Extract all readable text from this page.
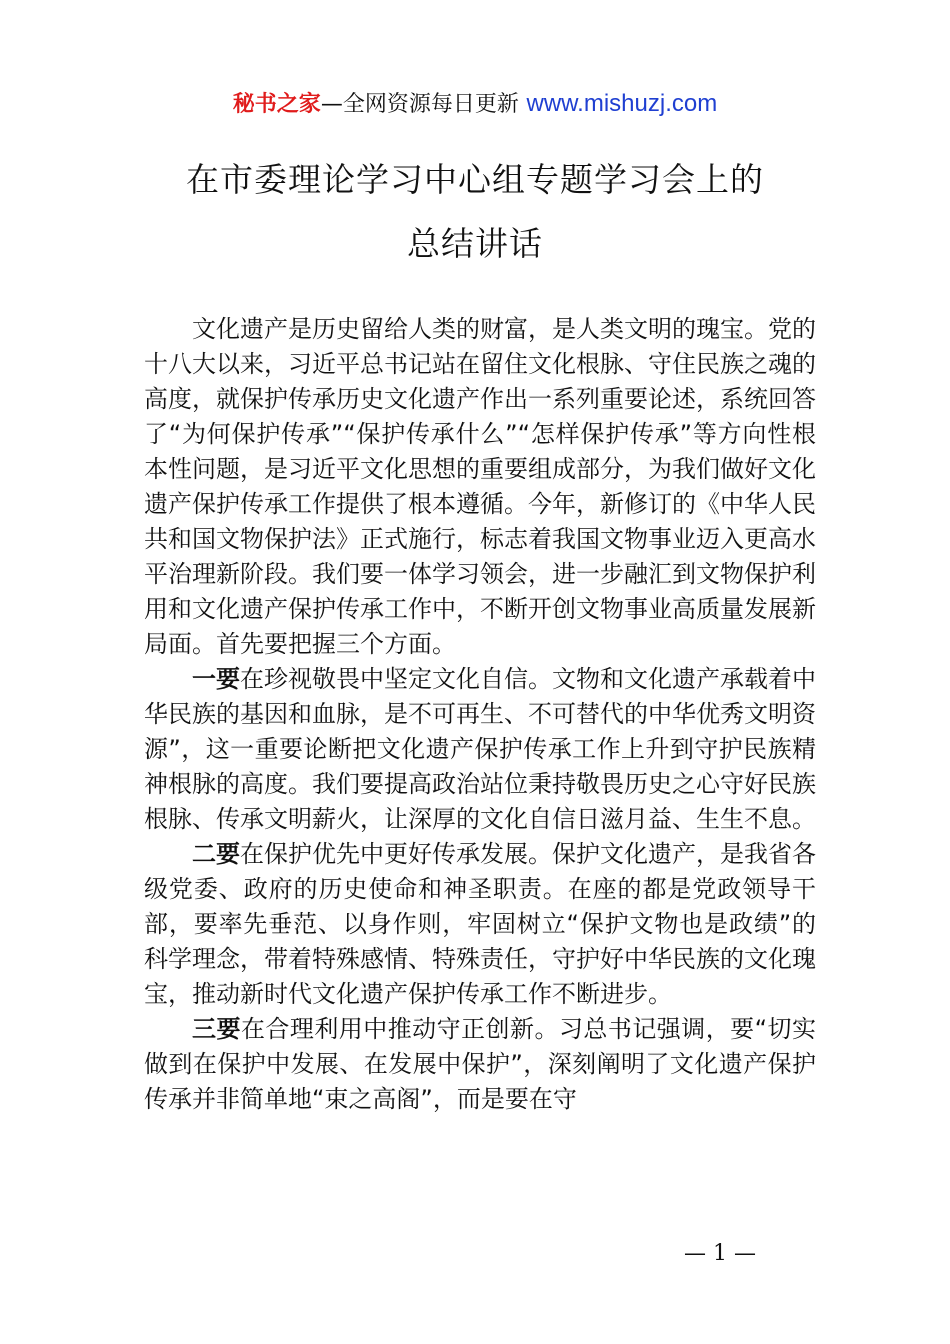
秘书之家—全网资源每日更新 www.mishuzj.com
在市委理论学习中心组专题学习会上的
总结讲话

文化遗产是历史留给人类的财富，是人类文明的瑰宝。党的十八大以来，习近平总书记站在留住文化根脉、守住民族之魂的高度，就保护传承历史文化遗产作出一系列重要论述，系统回答了“为何保护传承”“保护传承什么”“怎样保护传承”等方向性根本性问题，是习近平文化思想的重要组成部分，为我们做好文化遗产保护传承工作提供了根本遵循。今年，新修订的《中华人民共和国文物保护法》正式施行，标志着我国文物事业迈入更高水平治理新阶段。我们要一体学习领会，进一步融汇到文物保护利用和文化遗产保护传承工作中，不断开创文物事业高质量发展新局面。首先要把握三个方面。

一要在珍视敬畏中坚定文化自信。文物和文化遗产承载着中华民族的基因和血脉，是不可再生、不可替代的中华优秀文明资源”，这一重要论断把文化遗产保护传承工作上升到守护民族精神根脉的高度。我们要提高政治站位秉持敬畏历史之心守好民族根脉、传承文明薪火，让深厚的文化自信日滋月益、生生不息。

二要在保护优先中更好传承发展。保护文化遗产，是我省各级党委、政府的历史使命和神圣职责。在座的都是党政领导干部，要率先垂范、以身作则，牢固树立“保护文物也是政绩”的科学理念，带着特殊感情、特殊责任，守护好中华民族的文化瑰宝，推动新时代文化遗产保护传承工作不断进步。

三要在合理利用中推动守正创新。习总书记强调，要“切实做到在保护中发展、在发展中保护”，深刻阐明了文化遗产保护传承并非简单地“束之高阁”，而是要在守

— 1 —
